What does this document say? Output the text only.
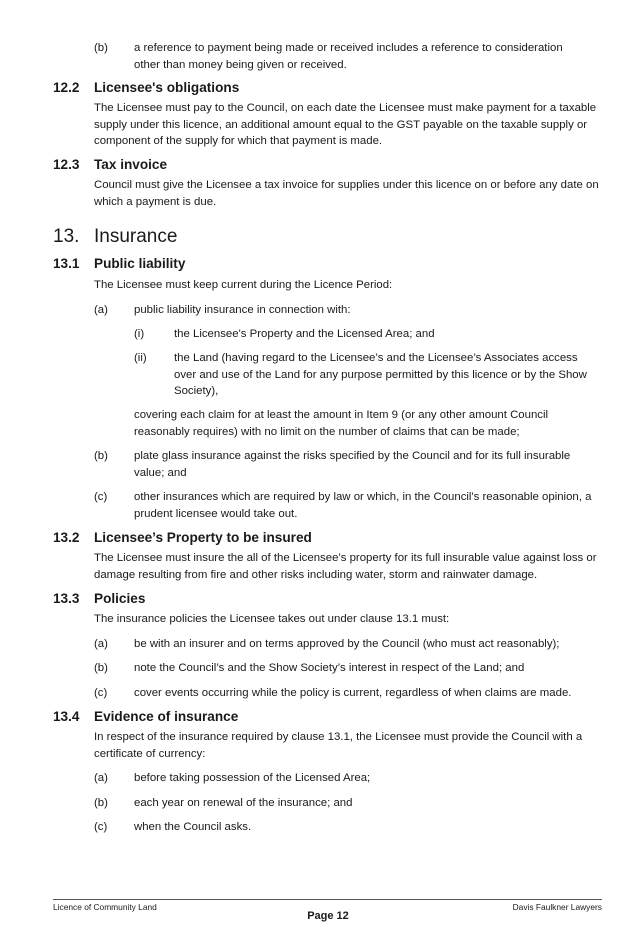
(b) a reference to payment being made or received includes a reference to consideration other than money being given or received.
12.2 Licensee's obligations
The Licensee must pay to the Council, on each date the Licensee must make payment for a taxable supply under this licence, an additional amount equal to the GST payable on the taxable supply or component of the supply for which that payment is made.
12.3 Tax invoice
Council must give the Licensee a tax invoice for supplies under this licence on or before any date on which a payment is due.
13. Insurance
13.1 Public liability
The Licensee must keep current during the Licence Period:
(a) public liability insurance in connection with:
(i)	the Licensee's Property and the Licensed Area; and
(ii) the Land (having regard to the Licensee’s and the Licensee’s Associates access over and use of the Land for any purpose permitted by this licence or by the Show Society),
covering each claim for at least the amount in Item 9 (or any other amount Council reasonably requires) with no limit on the number of claims that can be made;
(b) plate glass insurance against the risks specified by the Council and for its full insurable value; and
(c) other insurances which are required by law or which, in the Council's reasonable opinion, a prudent licensee would take out.
13.2 Licensee’s Property to be insured
The Licensee must insure the all of the Licensee’s property for its full insurable value against loss or damage resulting from fire and other risks including water, storm and rainwater damage.
13.3 Policies
The insurance policies the Licensee takes out under clause 13.1 must:
(a) be with an insurer and on terms approved by the Council (who must act reasonably);
(b) note the Council’s and the Show Society’s interest in respect of the Land; and
(c) cover events occurring while the policy is current, regardless of when claims are made.
13.4 Evidence of insurance
In respect of the insurance required by clause 13.1, the Licensee must provide the Council with a certificate of currency:
(a) before taking possession of the Licensed Area;
(b) each year on renewal of the insurance; and
(c) when the Council asks.
Licence of Community Land	Davis Faulkner Lawyers
Page 12
